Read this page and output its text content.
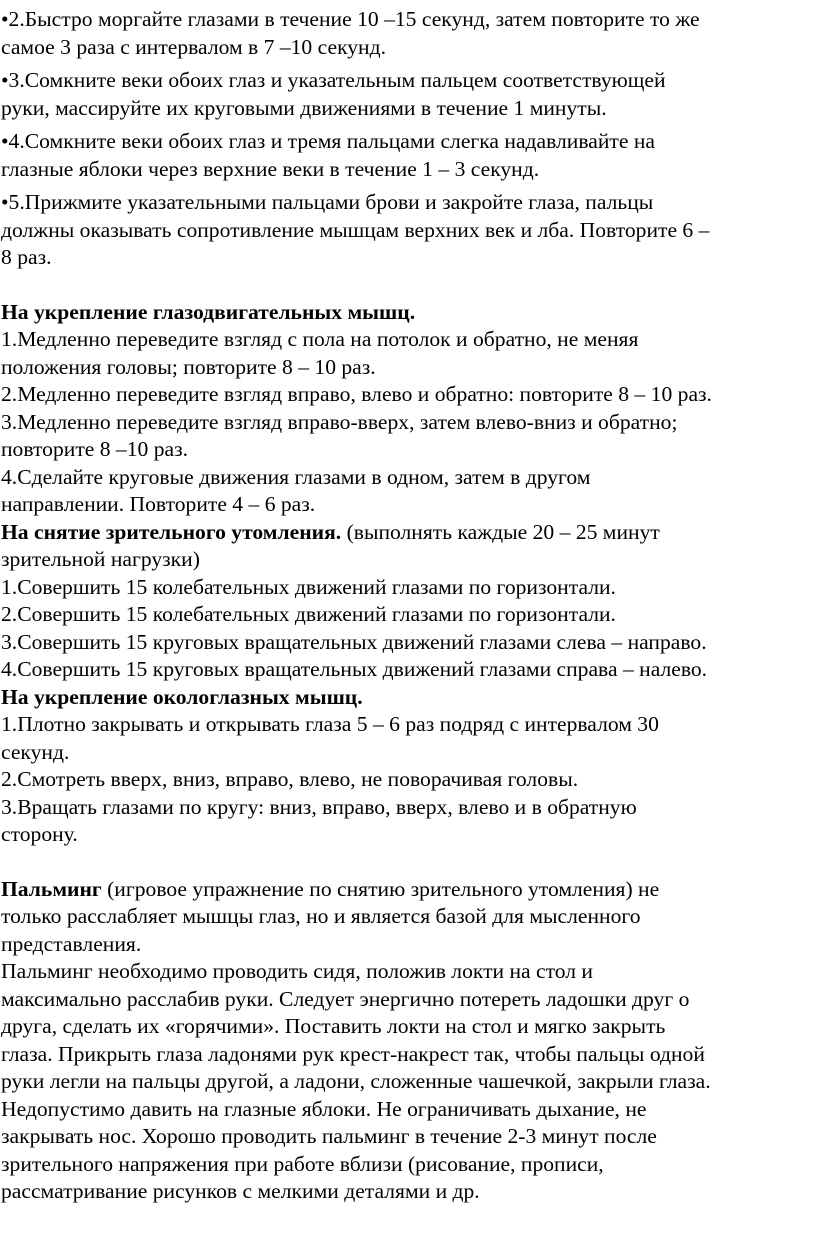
•2.Быстро моргайте глазами в течение 10 –15 секунд, затем повторите то же
самое 3 раза с интервалом в 7 –10 секунд.
•3.Сомкните веки обоих глаз и указательным пальцем соответствующей
руки, массируйте их круговыми движениями в течение 1 минуты.
•4.Сомкните веки обоих глаз и тремя пальцами слегка надавливайте на
глазные яблоки через верхние веки в течение 1 – 3 секунд.
•5.Прижмите указательными пальцами брови и закройте глаза, пальцы
должны оказывать сопротивление мышцам верхних век и лба. Повторите 6 –
8 раз.
На укрепление глазодвигательных мышц.
1.Медленно переведите взгляд с пола на потолок и обратно, не меняя
положения головы; повторите 8 – 10 раз.
2.Медленно переведите взгляд вправо, влево и обратно: повторите 8 – 10 раз.
3.Медленно переведите взгляд вправо-вверх, затем влево-вниз и обратно;
повторите 8 –10 раз.
4.Сделайте круговые движения глазами в одном, затем в другом
направлении. Повторите 4 – 6 раз.
На снятие зрительного утомления. (выполнять каждые 20 – 25 минут
зрительной нагрузки)
1.Совершить 15 колебательных движений глазами по горизонтали.
2.Совершить 15 колебательных движений глазами по горизонтали.
3.Совершить 15 круговых вращательных движений глазами слева – направо.
4.Совершить 15 круговых вращательных движений глазами справа – налево.
На укрепление окологлазных мышц.
1.Плотно закрывать и открывать глаза 5 – 6 раз подряд с интервалом 30
секунд.
2.Смотреть вверх, вниз, вправо, влево, не поворачивая головы.
3.Вращать глазами по кругу: вниз, вправо, вверх, влево и в обратную
сторону.
Пальминг (игровое упражнение по снятию зрительного утомления) не
только расслабляет мышцы глаз, но и является базой для мысленного
представления.
Пальминг необходимо проводить сидя, положив локти на стол и
максимально расслабив руки. Следует энергично потереть ладошки друг о
друга, сделать их «горячими». Поставить локти на стол и мягко закрыть
глаза. Прикрыть глаза ладонями рук крест-накрест так, чтобы пальцы одной
руки легли на пальцы другой, а ладони, сложенные чашечкой, закрыли глаза.
Недопустимо давить на глазные яблоки. Не ограничивать дыхание, не
закрывать нос. Хорошо проводить пальминг в течение 2-3 минут после
зрительного напряжения при работе вблизи (рисование, прописи,
рассматривание рисунков с мелкими деталями и др.
